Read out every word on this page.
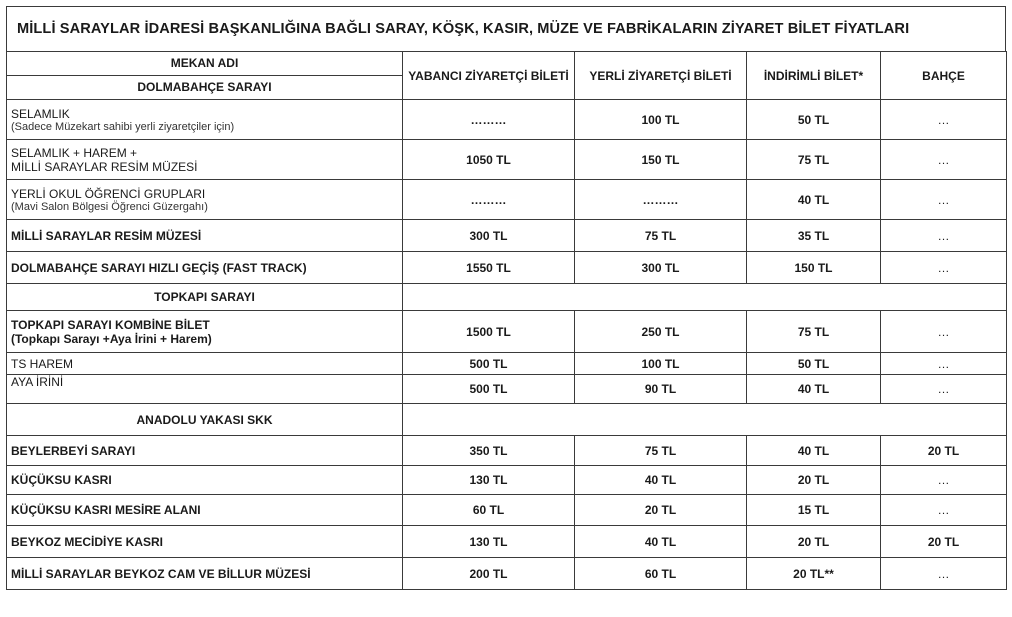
MİLLİ SARAYLAR İDARESİ BAŞKANLIĞINA BAĞLI SARAY, KÖŞK, KASIR, MÜZE VE FABRİKALARIN ZİYARET BİLET FİYATLARI
MEKAN ADI
DOLMABAHÇE SARAYI	YABANCI ZİYARETÇİ BİLETİ	YERLİ ZİYARETÇİ BİLETİ	İNDİRİMLİ BİLET*	BAHÇE

SELAMLIK
(Sadece Müzekart sahibi yerli ziyaretçiler için)	………	100 TL	50 TL	…

SELAMLIK + HAREM +
MİLLİ SARAYLAR RESİM MÜZESİ	1050 TL	150 TL	75 TL	…

YERLİ OKUL ÖĞRENCİ GRUPLARI
(Mavi Salon Bölgesi Öğrenci Güzergahı)	………	………	40 TL	…
MİLLİ SARAYLAR RESİM MÜZESİ	300 TL	75 TL	35 TL	…
DOLMABAHÇE SARAYI HIZLI GEÇİŞ (FAST TRACK)	1550 TL	300 TL	150 TL	…
TOPKAPI SARAYI				

TOPKAPI SARAYI KOMBİNE BİLET
(Topkapı Sarayı +Aya İrini + Harem)	1500 TL	250 TL	75 TL	…
TS HAREM	500 TL	100 TL	50 TL	…
AYA İRİNİ	500 TL	90 TL	40 TL	…
ANADOLU YAKASI SKK				
BEYLERBEYİ SARAYI	350 TL	75 TL	40 TL	20 TL
KÜÇÜKSU KASRI	130 TL	40 TL	20 TL	…
KÜÇÜKSU KASRI MESİRE ALANI	60 TL	20 TL	15 TL	…
BEYKOZ MECİDİYE KASRI	130 TL	40 TL	20 TL	20 TL
MİLLİ SARAYLAR BEYKOZ CAM VE BİLLUR MÜZESİ	200 TL	60 TL	20 TL**	…
